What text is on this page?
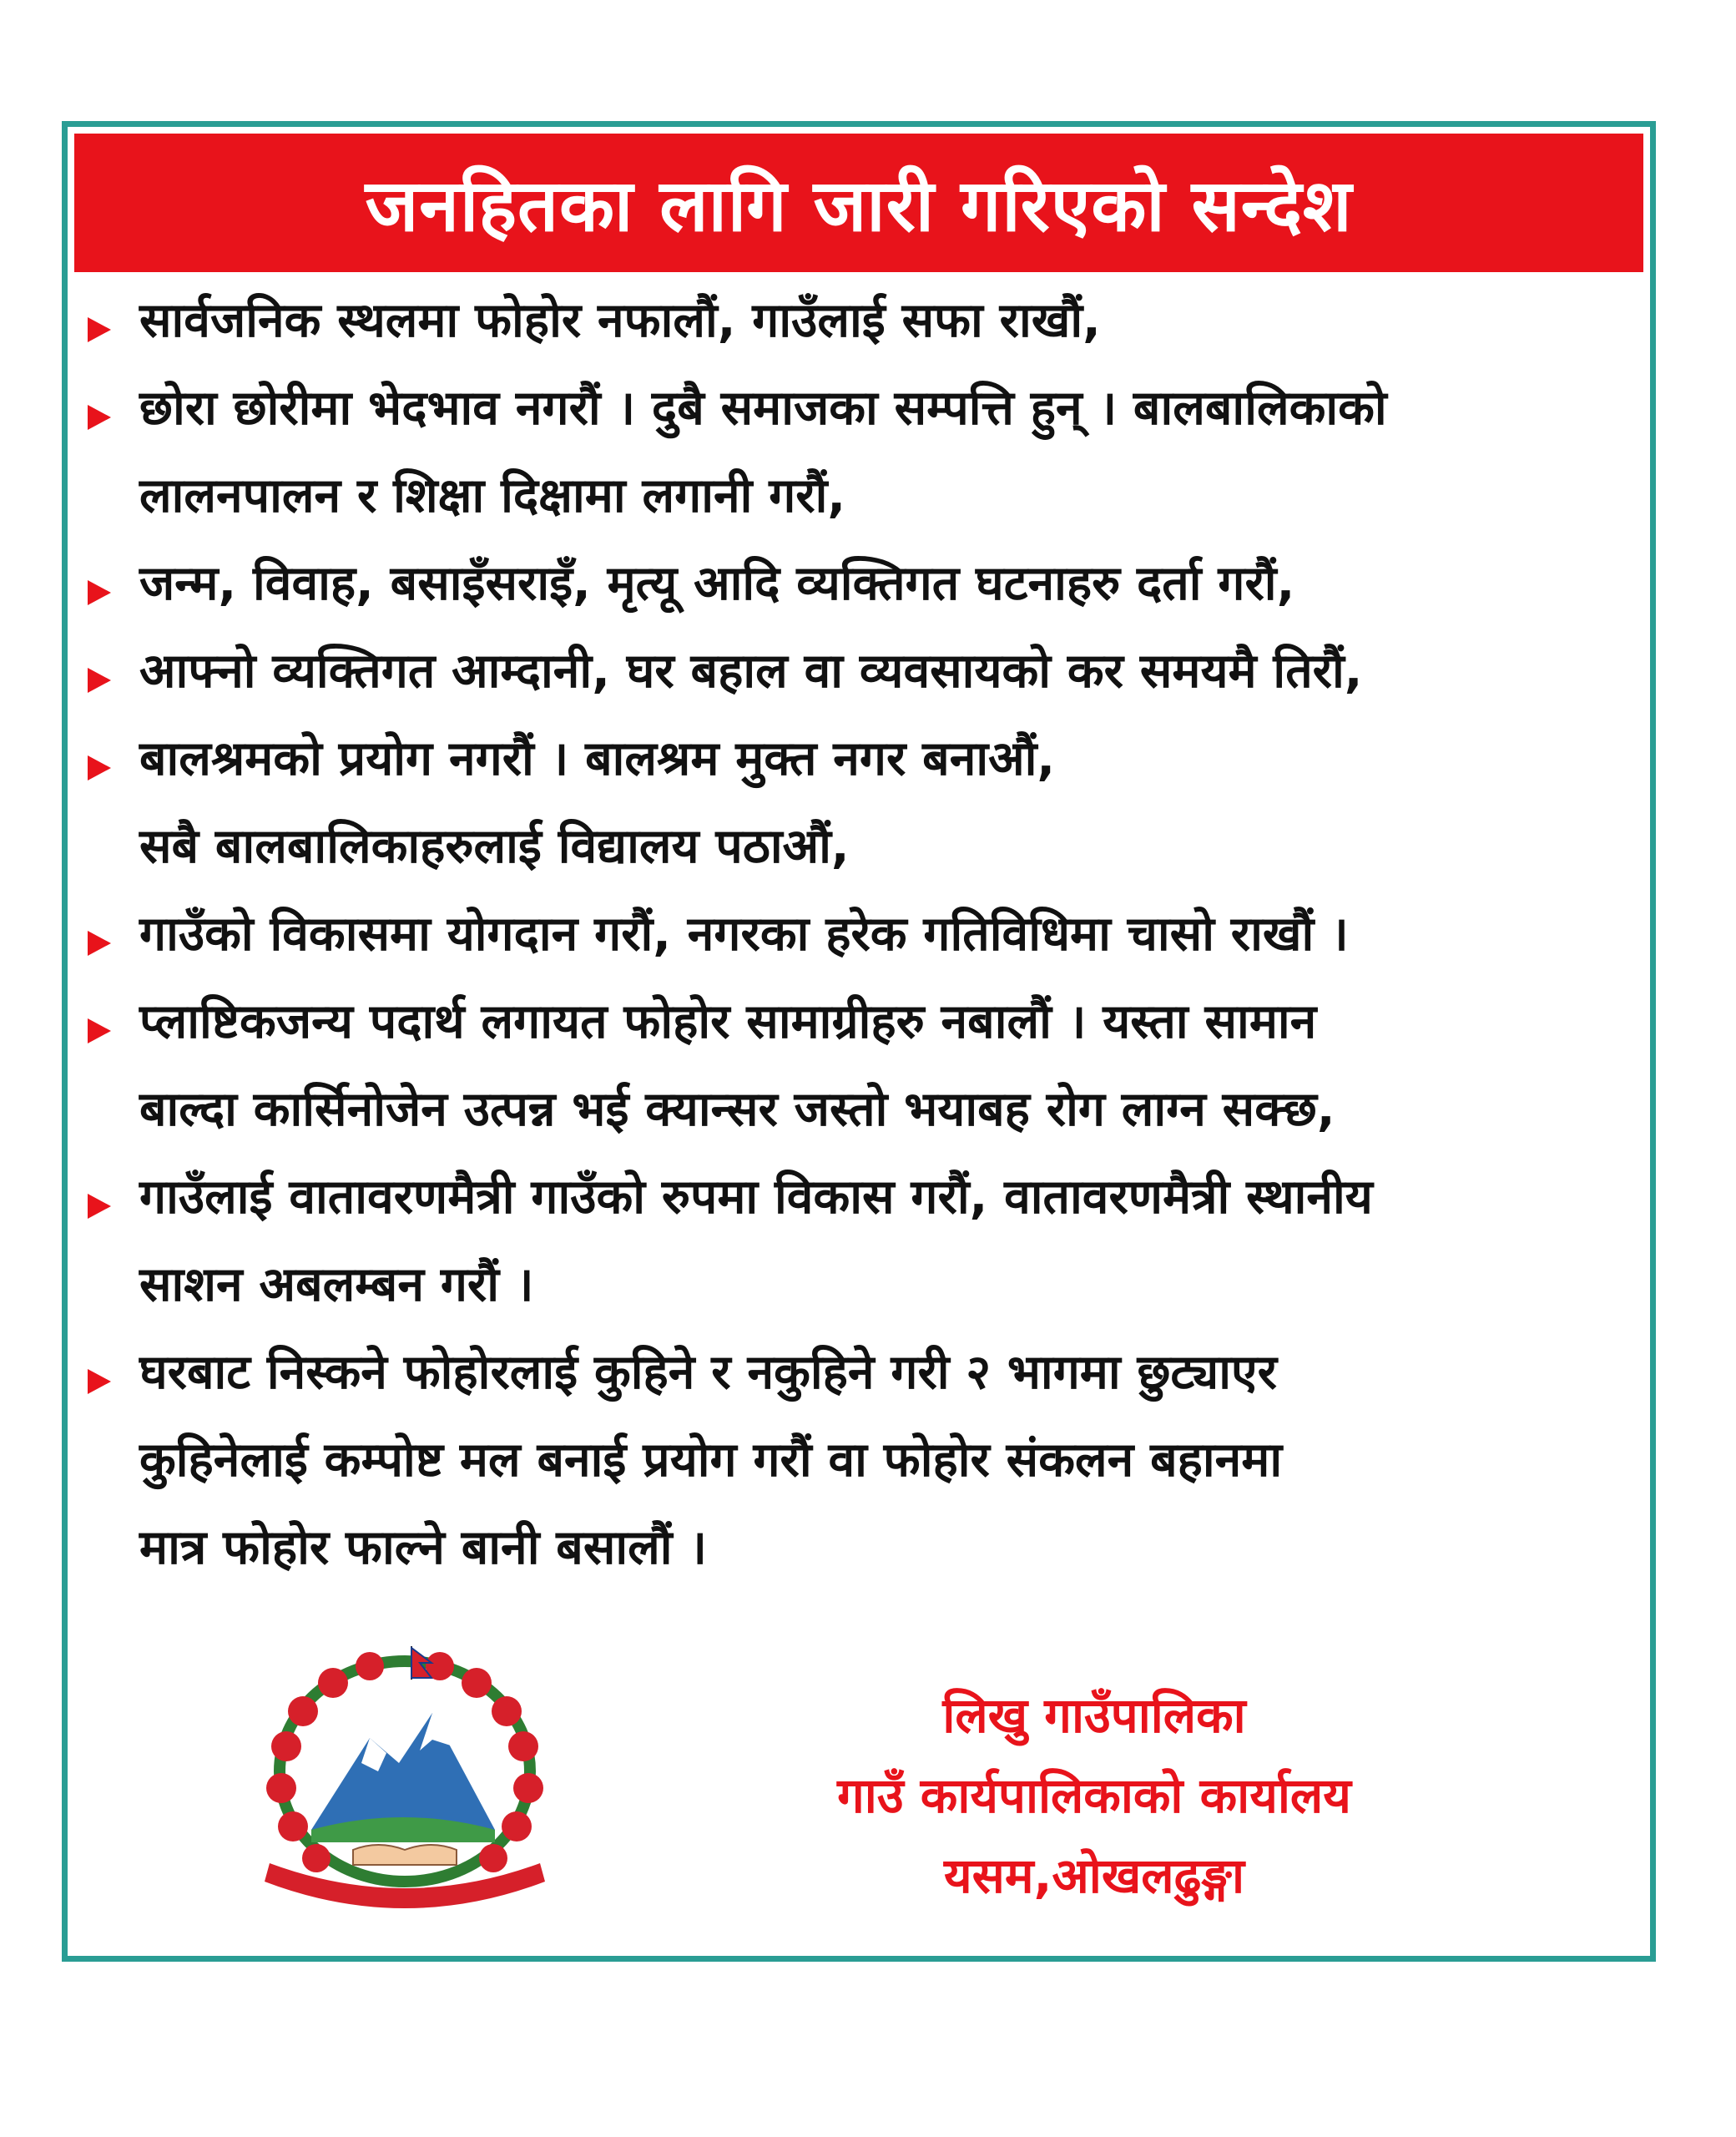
जनहितका लागि जारी गरिएको सन्देश
सार्वजनिक स्थलमा फोहोर नफालौं, गाउँलाई सफा राखौं,
छोरा छोरीमा भेदभाव नगरौं । दुबै समाजका सम्पत्ति हुन् । बालबालिकाको
लालनपालन र शिक्षा दिक्षामा लगानी गरौं,
जन्म, विवाह, बसाइँसराइँ, मृत्यू आदि व्यक्तिगत घटनाहरु दर्ता गरौं,
आफ्नो व्यक्तिगत आम्दानी, घर बहाल वा व्यवसायको कर समयमै तिरौं,
बालश्रमको प्रयोग नगरौं । बालश्रम मुक्त नगर बनाऔं,
सबै बालबालिकाहरुलाई विद्यालय पठाऔं,
गाउँको विकासमा योगदान गरौं, नगरका हरेक गतिविधिमा चासो राखौं ।
प्लाष्टिकजन्य पदार्थ लगायत फोहोर सामाग्रीहरु नबालौं । यस्ता सामान
बाल्दा कार्सिनोजेन उत्पन्न भई क्यान्सर जस्तो भयाबह रोग लाग्न सक्छ,
गाउँलाई वातावरणमैत्री गाउँको रुपमा विकास गरौं, वातावरणमैत्री स्थानीय
साशन अबलम्बन गरौं ।
घरबाट निस्कने फोहोरलाई कुहिने र नकुहिने गरी २ भागमा छुट्याएर
कुहिनेलाई कम्पोष्ट मल बनाई प्रयोग गरौं वा फोहोर संकलन बहानमा
मात्र फोहोर फाल्ने बानी बसालौं ।
लिखु गाउँपालिका
गाउँ कार्यपालिकाको कार्यालय
यसम,ओखलढुङ्गा
